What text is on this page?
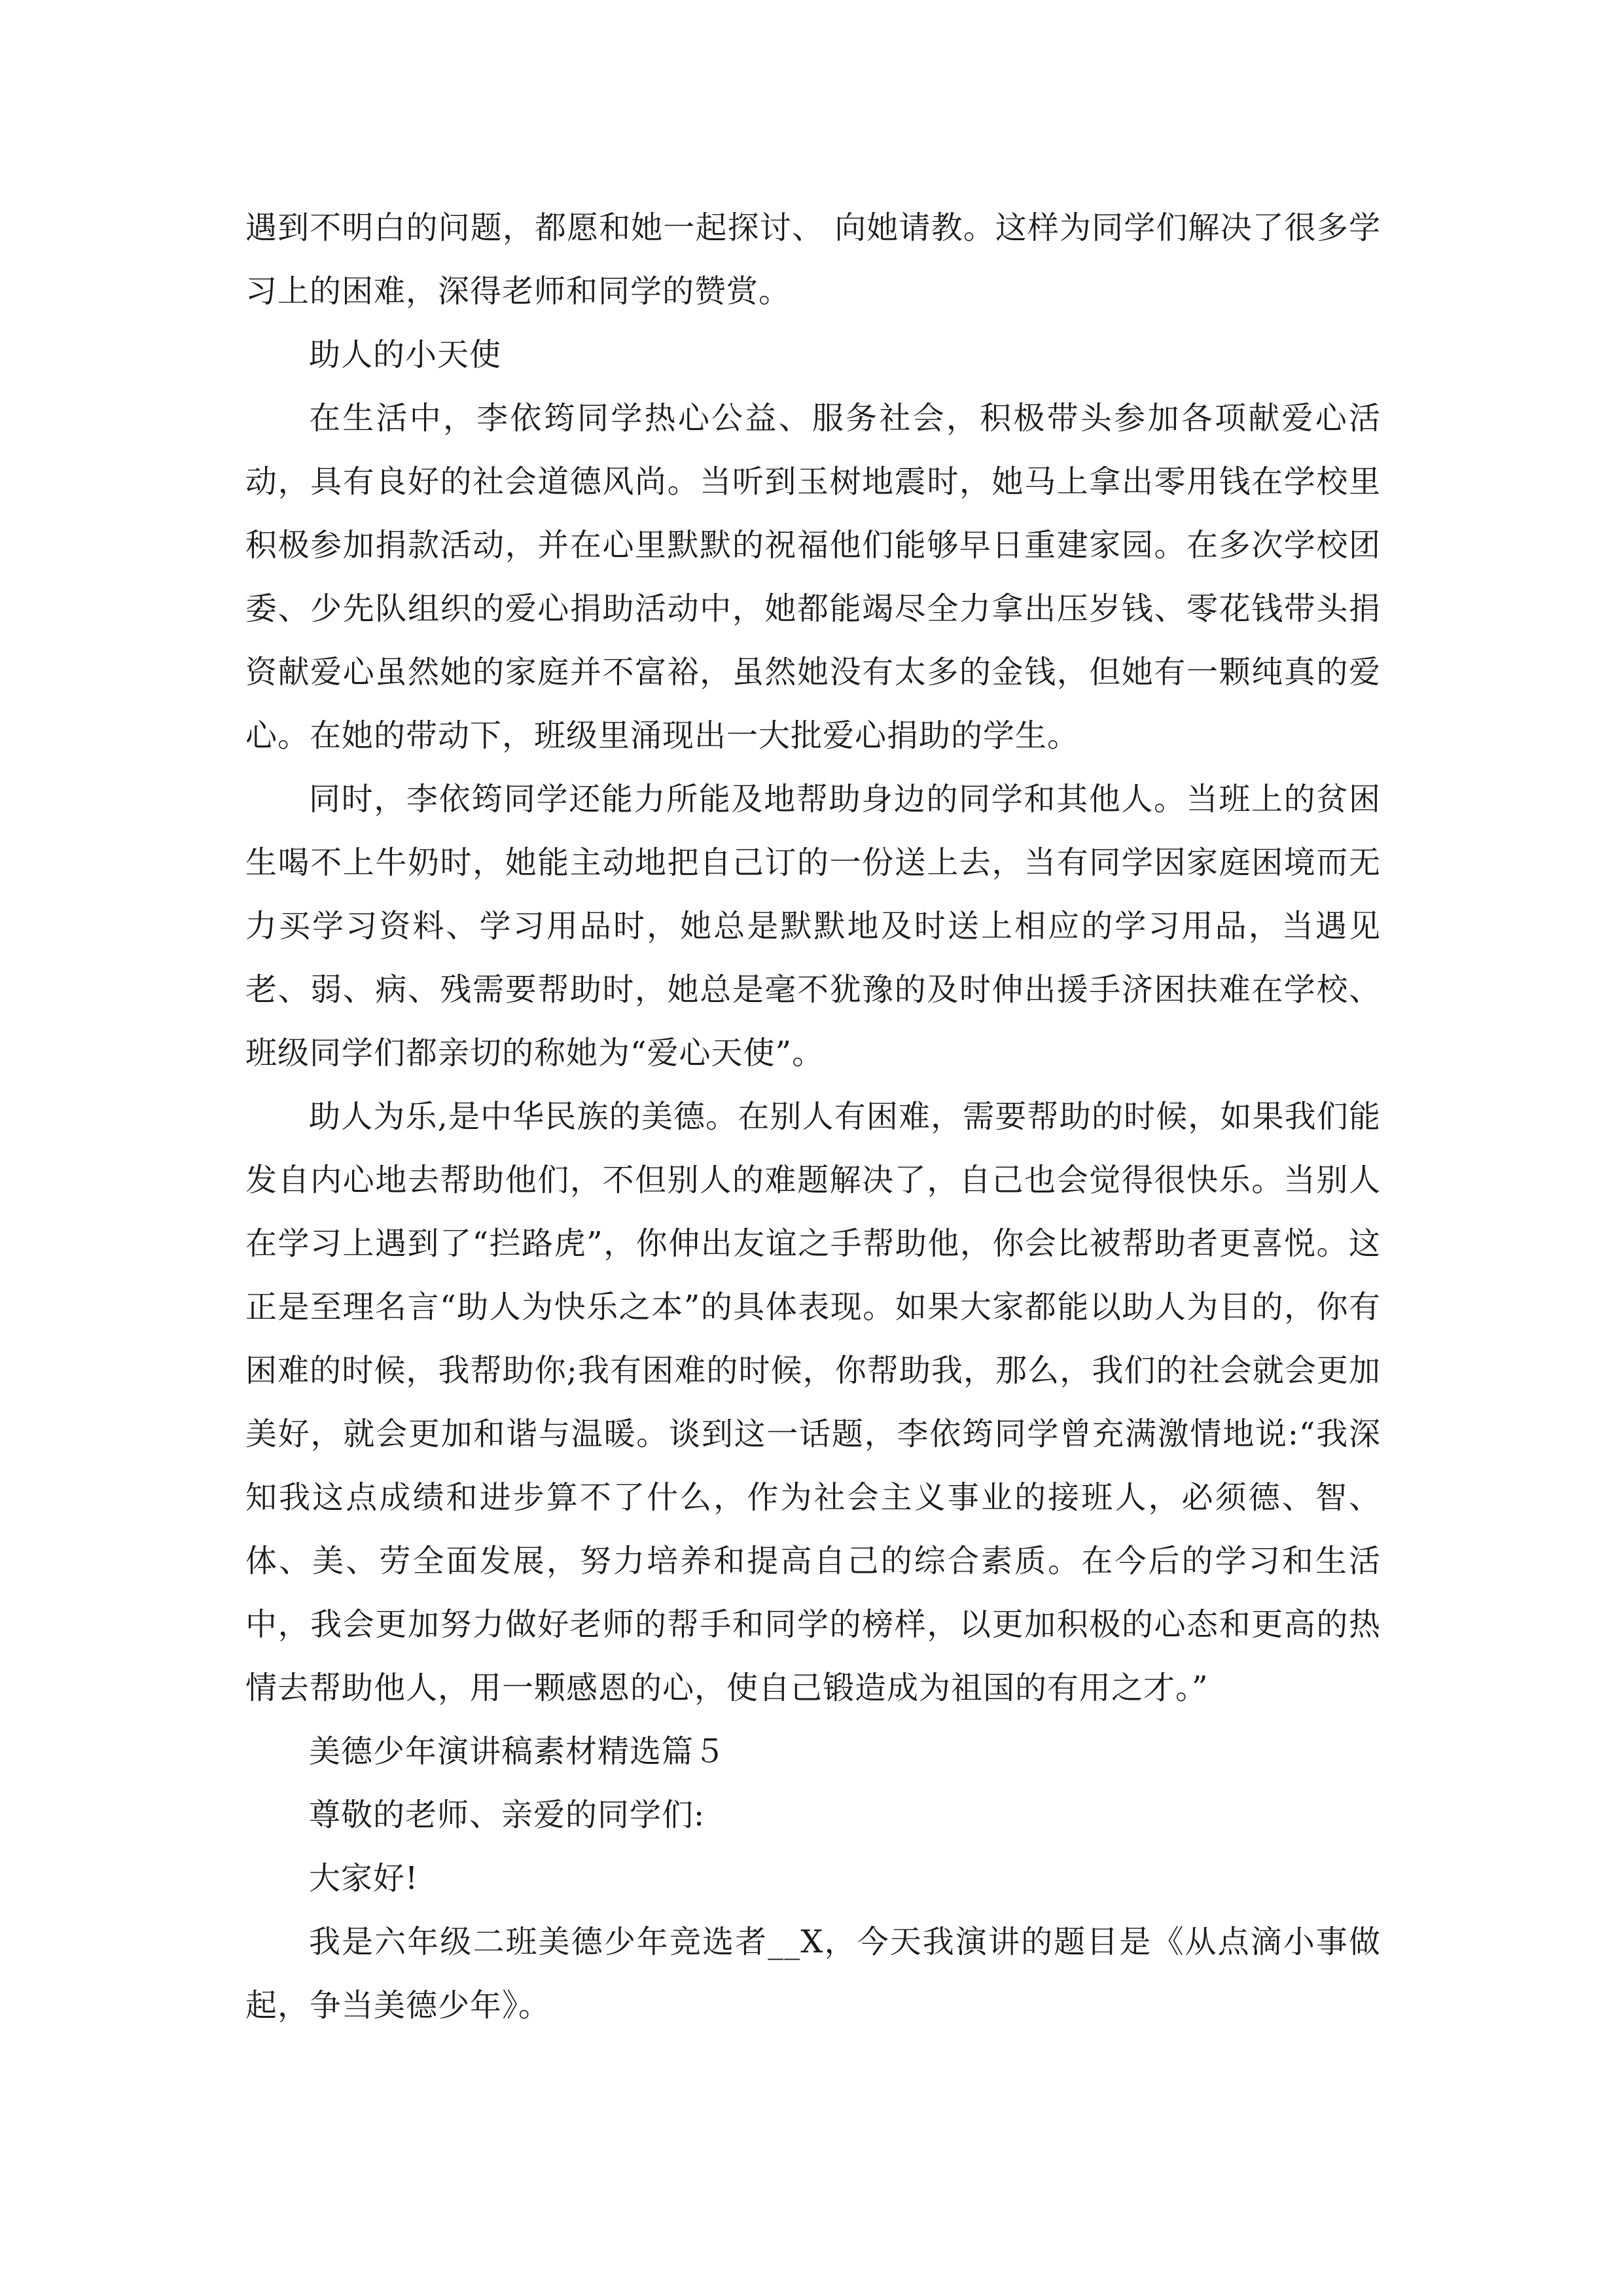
遇到不明白的问题，都愿和她一起探讨、 向她请教。这样为同学们解决了很多学习上的困难，深得老师和同学的赞赏。

助人的小天使

在生活中，李依筠同学热心公益、服务社会，积极带头参加各项献爱心活动，具有良好的社会道德风尚。当听到玉树地震时，她马上拿出零用钱在学校里积极参加捐款活动，并在心里默默的祝福他们能够早日重建家园。在多次学校团委、少先队组织的爱心捐助活动中，她都能竭尽全力拿出压岁钱、零花钱带头捐资献爱心虽然她的家庭并不富裕，虽然她没有太多的金钱，但她有一颗纯真的爱心。在她的带动下，班级里涌现出一大批爱心捐助的学生。

同时，李依筠同学还能力所能及地帮助身边的同学和其他人。当班上的贫困生喝不上牛奶时，她能主动地把自己订的一份送上去，当有同学因家庭困境而无力买学习资料、学习用品时，她总是默默地及时送上相应的学习用品，当遇见老、弱、病、残需要帮助时，她总是毫不犹豫的及时伸出援手济困扶难在学校、班级同学们都亲切的称她为“爱心天使”。

助人为乐,是中华民族的美德。在别人有困难，需要帮助的时候，如果我们能发自内心地去帮助他们，不但别人的难题解决了，自己也会觉得很快乐。当别人在学习上遇到了“拦路虎”，你伸出友谊之手帮助他，你会比被帮助者更喜悦。这正是至理名言“助人为快乐之本”的具体表现。如果大家都能以助人为目的，你有困难的时候，我帮助你;我有困难的时候，你帮助我，那么，我们的社会就会更加美好，就会更加和谐与温暖。谈到这一话题，李依筠同学曾充满激情地说:“我深知我这点成绩和进步算不了什么，作为社会主义事业的接班人，必须德、智、体、美、劳全面发展，努力培养和提高自己的综合素质。在今后的学习和生活中，我会更加努力做好老师的帮手和同学的榜样，以更加积极的心态和更高的热情去帮助他人，用一颗感恩的心，使自己锻造成为祖国的有用之才。”

美德少年演讲稿素材精选篇５

尊敬的老师、亲爱的同学们:

大家好!

我是六年级二班美德少年竞选者__X，今天我演讲的题目是《从点滴小事做起，争当美德少年》。
